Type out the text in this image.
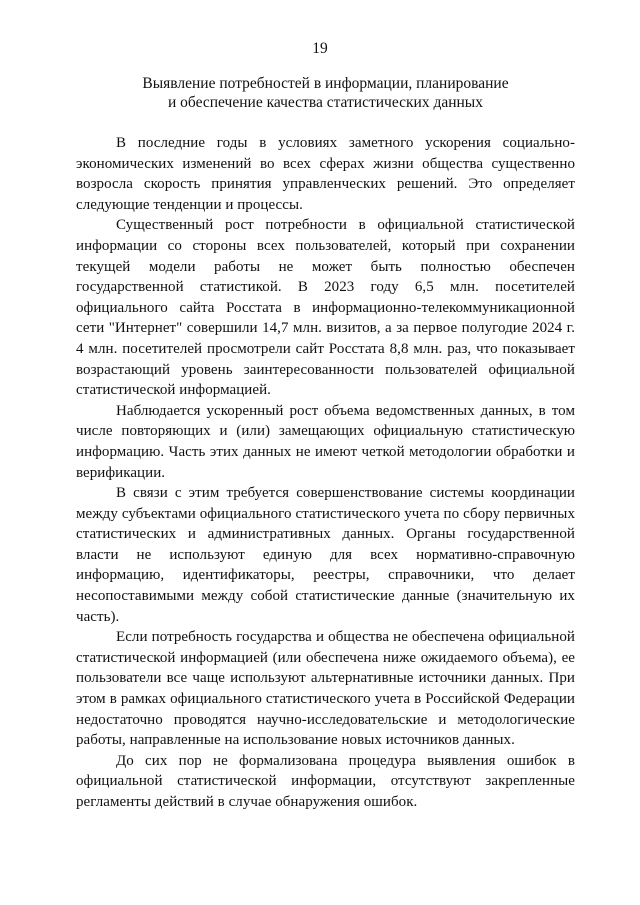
19
Выявление потребностей в информации, планирование
и обеспечение качества статистических данных

В последние годы в условиях заметного ускорения социально-экономических изменений во всех сферах жизни общества существенно возросла скорость принятия управленческих решений. Это определяет следующие тенденции и процессы.

Существенный рост потребности в официальной статистической информации со стороны всех пользователей, который при сохранении текущей модели работы не может быть полностью обеспечен государственной статистикой. В 2023 году 6,5 млн. посетителей официального сайта Росстата в информационно-телекоммуникационной сети "Интернет" совершили 14,7 млн. визитов, а за первое полугодие 2024 г. 4 млн. посетителей просмотрели сайт Росстата 8,8 млн. раз, что показывает возрастающий уровень заинтересованности пользователей официальной статистической информацией.

Наблюдается ускоренный рост объема ведомственных данных, в том числе повторяющих и (или) замещающих официальную статистическую информацию. Часть этих данных не имеют четкой методологии обработки и верификации.

В связи с этим требуется совершенствование системы координации между субъектами официального статистического учета по сбору первичных статистических и административных данных. Органы государственной власти не используют единую для всех нормативно-справочную информацию, идентификаторы, реестры, справочники, что делает несопоставимыми между собой статистические данные (значительную их часть).

Если потребность государства и общества не обеспечена официальной статистической информацией (или обеспечена ниже ожидаемого объема), ее пользователи все чаще используют альтернативные источники данных. При этом в рамках официального статистического учета в Российской Федерации недостаточно проводятся научно-исследовательские и методологические работы, направленные на использование новых источников данных.

До сих пор не формализована процедура выявления ошибок в официальной статистической информации, отсутствуют закрепленные регламенты действий в случае обнаружения ошибок.
